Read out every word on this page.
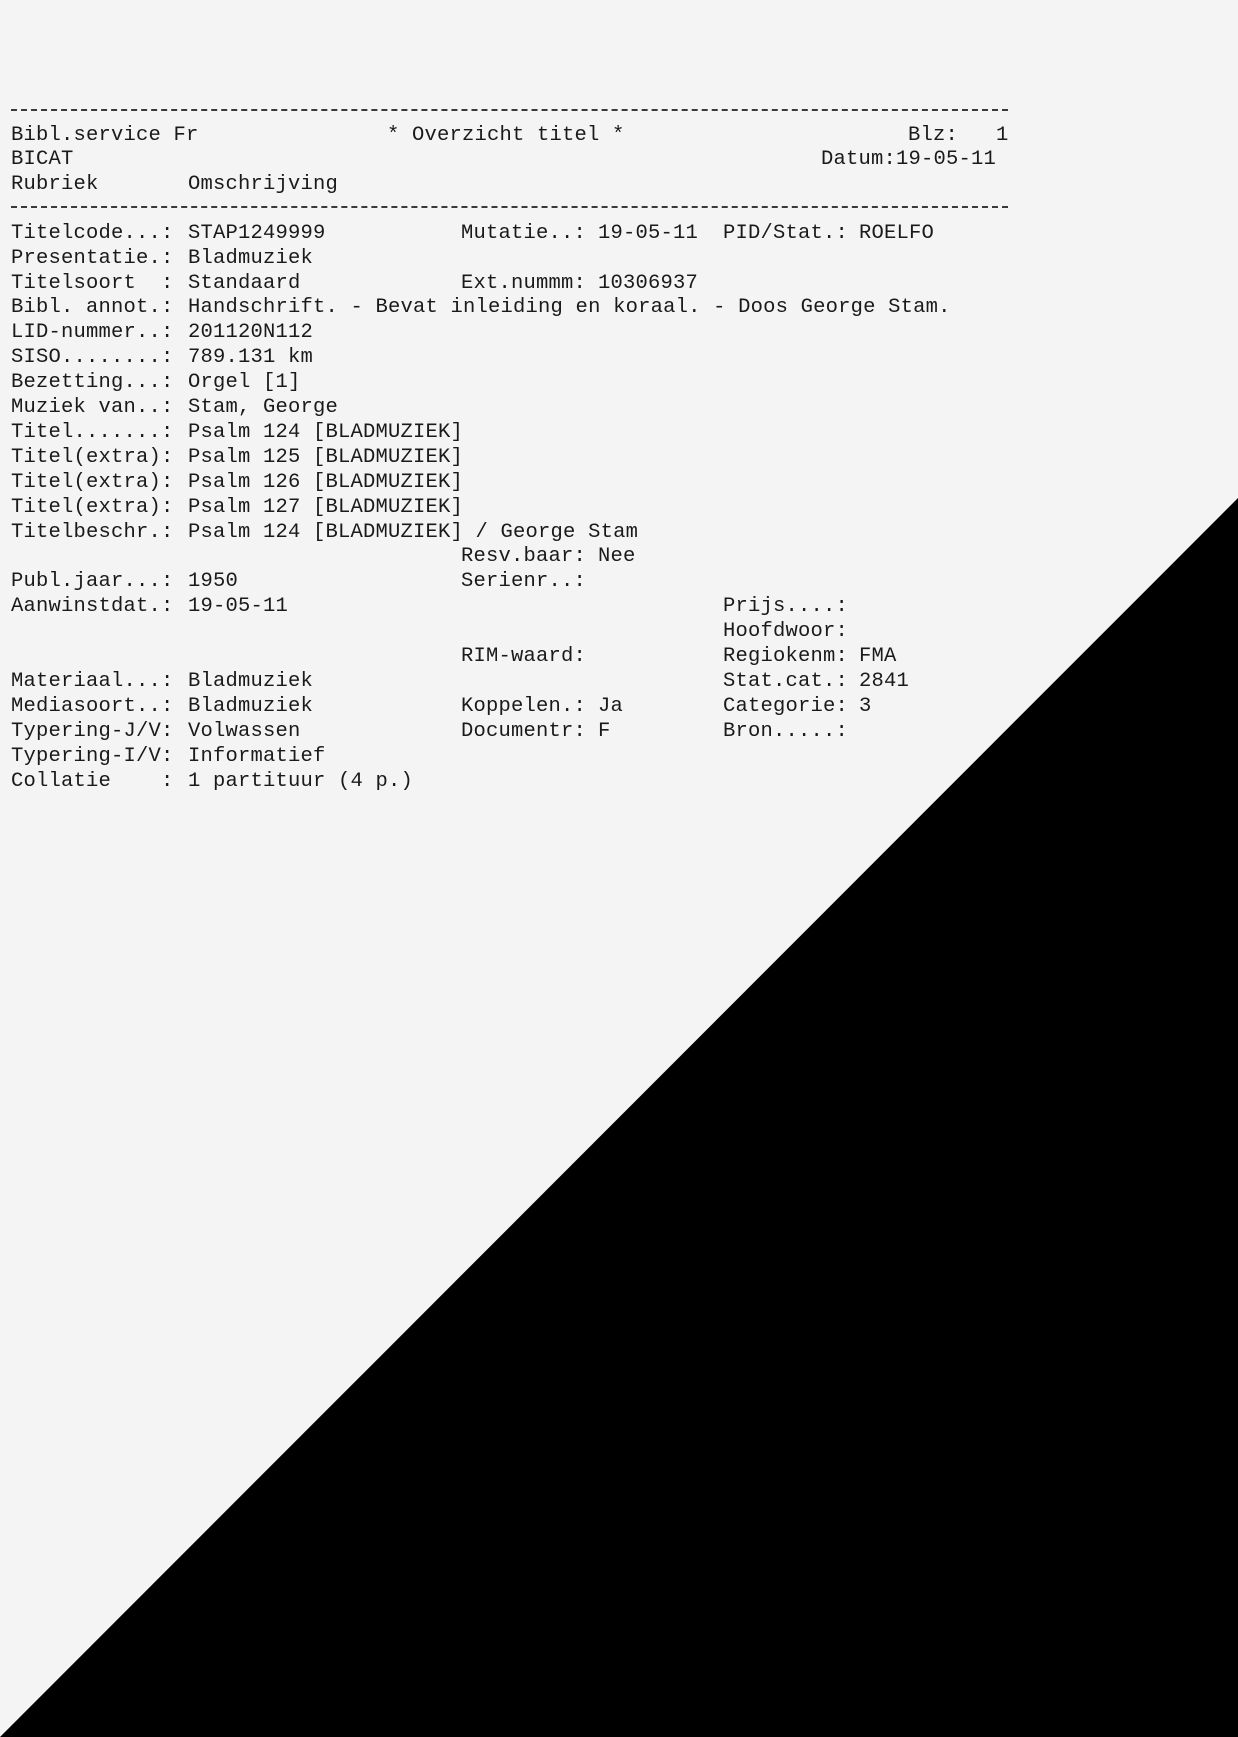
Bibl.service Fr	* Overzicht titel *	Blz: 1
BICAT	Datum: 19-05-11
Rubriek	Omschrijving
Titelcode...: STAP1249999	Mutatie..: 19-05-11 PID/Stat.: ROELFO
Presentatie.: Bladmuziek
Titelsoort  : Standaard	Ext.nummm: 10306937
Bibl. annot.: Handschrift. - Bevat inleiding en koraal. - Doos George Stam.
LID-nummer..: 201120N112
SISO........: 789.131 km
Bezetting...: Orgel [1]
Muziek van..: Stam, George
Titel.......: Psalm 124 [BLADMUZIEK]
Titel(extra): Psalm 125 [BLADMUZIEK]
Titel(extra): Psalm 126 [BLADMUZIEK]
Titel(extra): Psalm 127 [BLADMUZIEK]
Titelbeschr.: Psalm 124 [BLADMUZIEK] / George Stam
Resv.baar: Nee
Publ.jaar...: 1950	Serienr..:
Aanwinstdat.: 19-05-11	Prijs....:
Hoofdwoor:
RIM-waard:	Regiokenm: FMA
Materiaal...: Bladmuziek	Stat.cat.: 2841
Mediasoort..: Bladmuziek	Koppelen.: Ja	Categorie: 3
Typering-J/V: Volwassen	Documentr: F	Bron.....:
Typering-I/V: Informatief
Collatie    : 1 partituur (4 p.)
